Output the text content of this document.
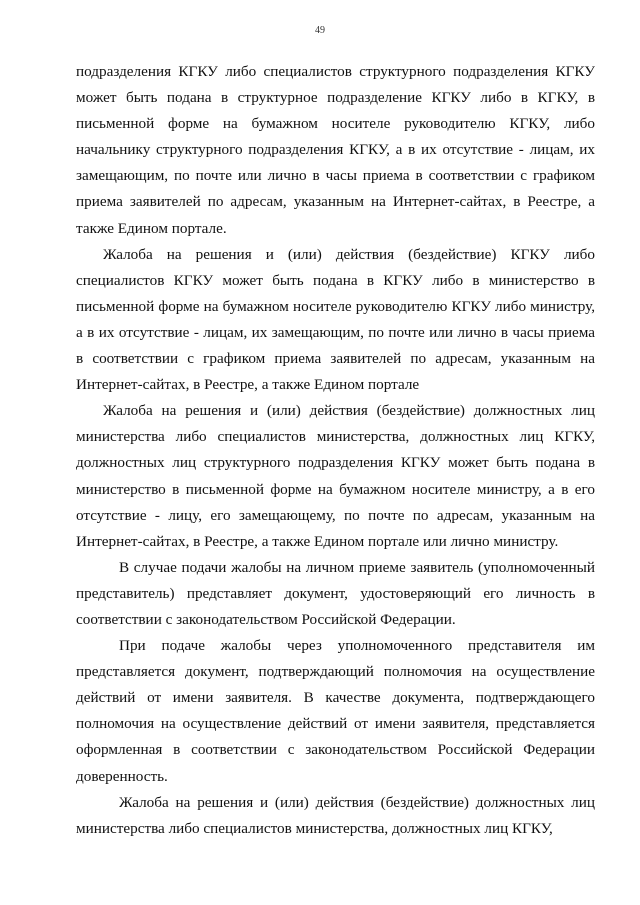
49

подразделения КГКУ либо специалистов структурного подразделения КГКУ может быть подана в структурное подразделение КГКУ либо в КГКУ, в письменной форме на бумажном носителе руководителю КГКУ, либо начальнику структурного подразделения КГКУ, а в их отсутствие - лицам, их замещающим, по почте или лично в часы приема в соответствии с графиком приема заявителей по адресам, указанным на Интернет-сайтах, в Реестре, а также Едином портале.

Жалоба на решения и (или) действия (бездействие) КГКУ либо специалистов КГКУ может быть подана в КГКУ либо в министерство в письменной форме на бумажном носителе руководителю КГКУ либо министру, а в их отсутствие - лицам, их замещающим, по почте или лично в часы приема в соответствии с графиком приема заявителей по адресам, указанным на Интернет-сайтах, в Реестре, а также Едином портале

Жалоба на решения и (или) действия (бездействие) должностных лиц министерства либо специалистов министерства, должностных лиц КГКУ, должностных лиц структурного подразделения КГКУ может быть подана в министерство в письменной форме на бумажном носителе министру, а в его отсутствие - лицу, его замещающему, по почте по адресам, указанным на Интернет-сайтах, в Реестре, а также Едином портале или лично министру.

В случае подачи жалобы на личном приеме заявитель (уполномоченный представитель) представляет документ, удостоверяющий его личность в соответствии с законодательством Российской Федерации.

При подаче жалобы через уполномоченного представителя им представляется документ, подтверждающий полномочия на осуществление действий от имени заявителя. В качестве документа, подтверждающего полномочия на осуществление действий от имени заявителя, представляется оформленная в соответствии с законодательством Российской Федерации доверенность.

Жалоба на решения и (или) действия (бездействие) должностных лиц министерства либо специалистов министерства, должностных лиц КГКУ,
